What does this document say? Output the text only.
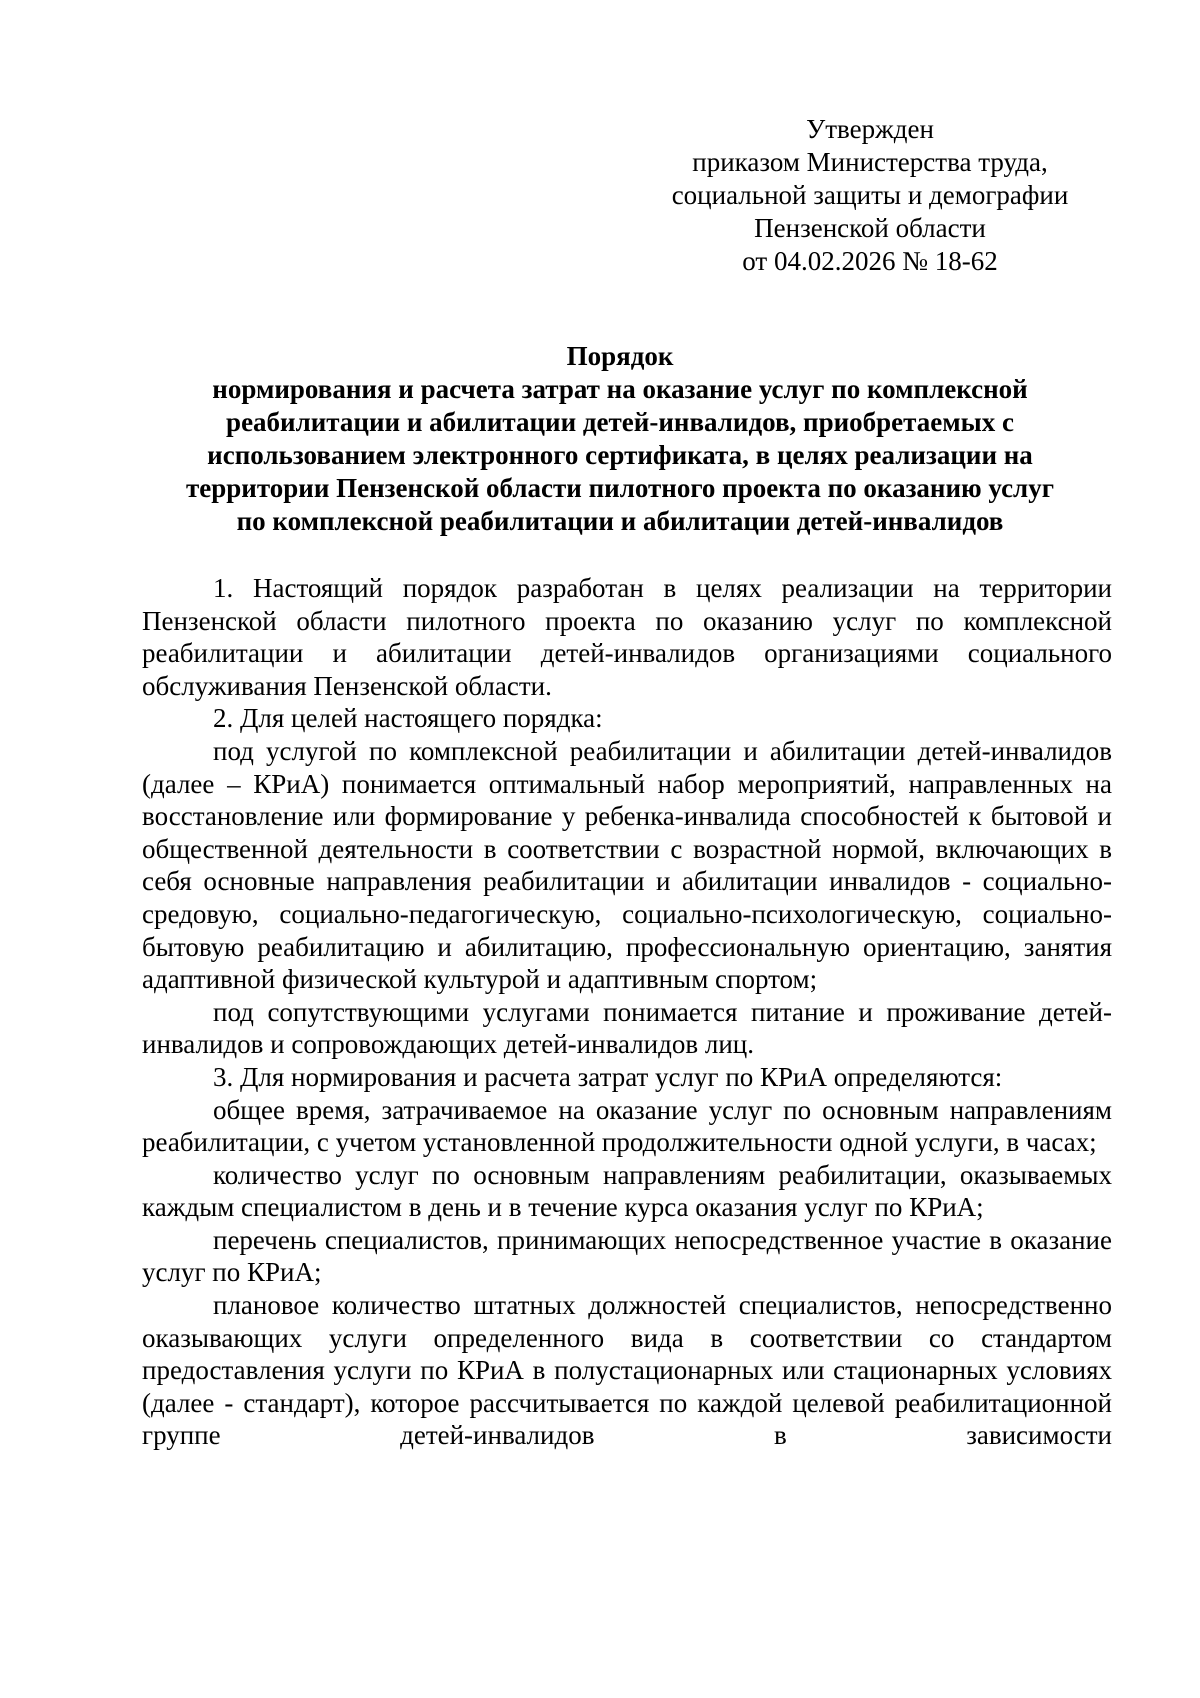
Утвержден
приказом Министерства труда,
социальной защиты и демографии
Пензенской области
от 04.02.2026 № 18-62
Порядок
нормирования и расчета затрат на оказание услуг по комплексной
реабилитации и абилитации детей-инвалидов, приобретаемых с
использованием электронного сертификата, в целях реализации на
территории Пензенской области пилотного проекта по оказанию услуг
по комплексной реабилитации и абилитации детей-инвалидов

1. Настоящий порядок разработан в целях реализации на территории Пензенской области пилотного проекта по оказанию услуг по комплексной реабилитации и абилитации детей-инвалидов организациями социального обслуживания Пензенской области.

2. Для целей настоящего порядка:

под услугой по комплексной реабилитации и абилитации детей-инвалидов (далее – КРиА) понимается оптимальный набор мероприятий, направленных на восстановление или формирование у ребенка-инвалида способностей к бытовой и общественной деятельности в соответствии с возрастной нормой, включающих в себя основные направления реабилитации и абилитации инвалидов - социально-средовую, социально-педагогическую, социально-психологическую, социально-бытовую реабилитацию и абилитацию, профессиональную ориентацию, занятия адаптивной физической культурой и адаптивным спортом;

под сопутствующими услугами понимается питание и проживание детей-инвалидов и сопровождающих детей-инвалидов лиц.

3. Для нормирования и расчета затрат услуг по КРиА определяются:

общее время, затрачиваемое на оказание услуг по основным направлениям реабилитации, с учетом установленной продолжительности одной услуги, в часах;

количество услуг по основным направлениям реабилитации, оказываемых каждым специалистом в день и в течение курса оказания услуг по КРиА;

перечень специалистов, принимающих непосредственное участие в оказание услуг по КРиА;

плановое количество штатных должностей специалистов, непосредственно оказывающих услуги определенного вида в соответствии со стандартом предоставления услуги по КРиА в полустационарных или стационарных условиях (далее - стандарт), которое рассчитывается по каждой целевой реабилитационной группе детей-инвалидов в зависимости
